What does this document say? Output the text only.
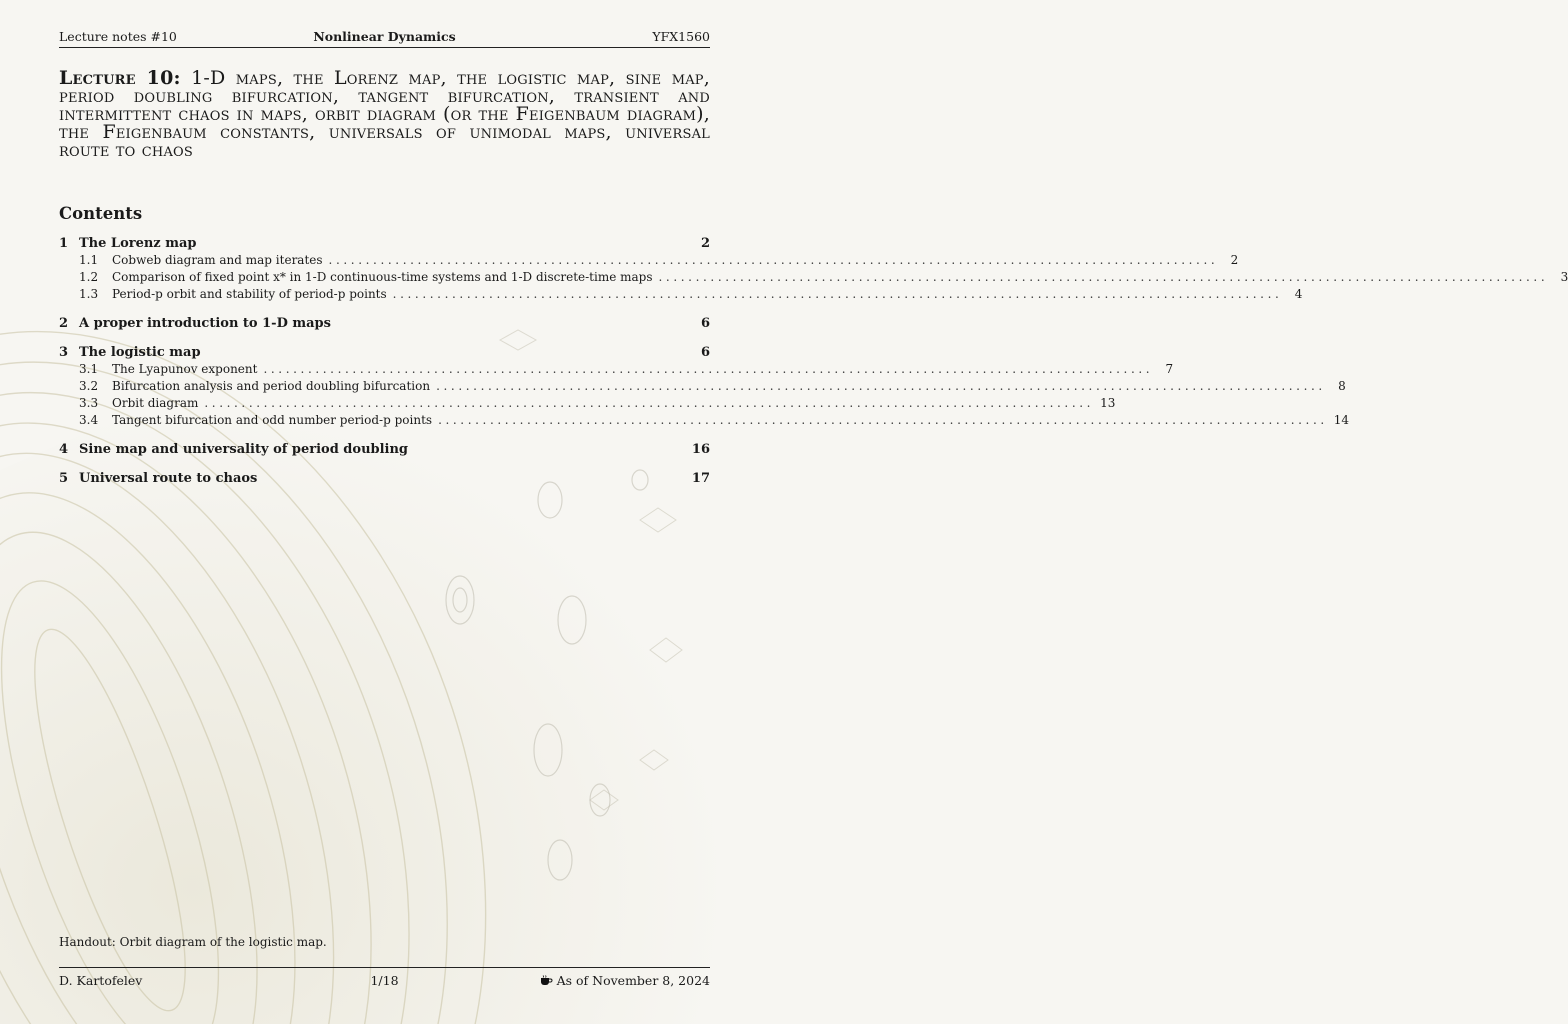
Lecture notes #10	Nonlinear Dynamics	YFX1560
Lecture 10: 1-D maps, the Lorenz map, the logistic map, sine map, period doubling bifurcation, tangent bifurcation, transient and intermittent chaos in maps, orbit diagram (or the Feigenbaum diagram), the Feigenbaum constants, universals of unimodal maps, universal route to chaos
Contents
1 The Lorenz map	2
1.1	Cobweb diagram and map iterates ........................................................................................................................	2
1.2	Comparison of fixed point x* in 1-D continuous-time systems and 1-D discrete-time maps ........................................................................................................................	3
1.3	Period-p orbit and stability of period-p points ........................................................................................................................	4
2 A proper introduction to 1-D maps	6
3 The logistic map	6
3.1	The Lyapunov exponent ........................................................................................................................	7
3.2	Bifurcation analysis and period doubling bifurcation ........................................................................................................................	8
3.3	Orbit diagram ........................................................................................................................ 13
3.4	Tangent bifurcation and odd number period-p points ........................................................................................................................ 14
4 Sine map and universality of period doubling	16
5 Universal route to chaos	17
Handout: Orbit diagram of the logistic map.
D. Kartofelev	1/18	As of November 8, 2024
